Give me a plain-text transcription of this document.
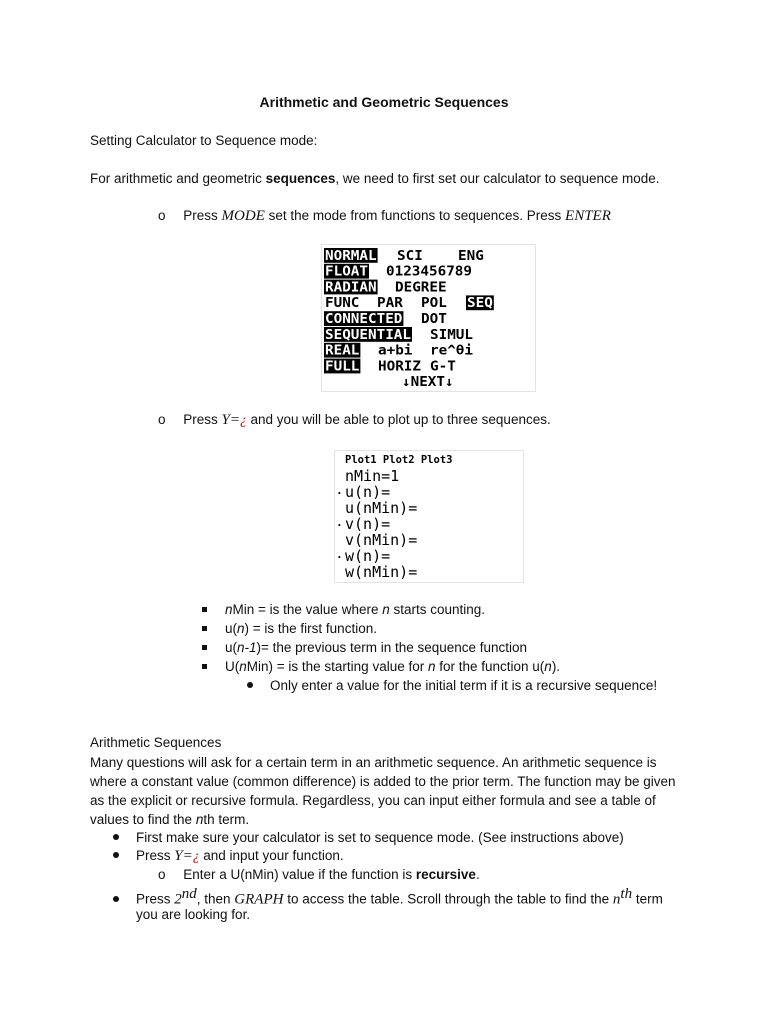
Arithmetic and Geometric Sequences
Setting Calculator to Sequence mode:
For arithmetic and geometric sequences, we need to first set our calculator to sequence mode.
o Press MODE set the mode from functions to sequences. Press ENTER
NORMAL SCI	ENG
FLOAT 0123456789
RADIAN DEGREE
FUNC PAR POL SEQ
CONNECTED DOT
SEQUENTIAL SIMUL
REAL a+bi re^θi
FULL HORIZ G-T
↓NEXT↓
o Press Y=¿ and you will be able to plot up to three sequences.
Plot1 Plot2 Plot3
nMin=1
⋅ u(n)=
u(nMin)=
⋅ v(n)=
v(nMin)=
⋅ w(n)=
w(nMin)=
nMin = is the value where n starts counting.
u(n) = is the first function.
u(n-1)= the previous term in the sequence function
U(nMin) = is the starting value for n for the function u(n).
Only enter a value for the initial term if it is a recursive sequence!
Arithmetic Sequences
Many questions will ask for a certain term in an arithmetic sequence. An arithmetic sequence is where a constant value (common difference) is added to the prior term. The function may be given as the explicit or recursive formula. Regardless, you can input either formula and see a table of values to find the nth term.
First make sure your calculator is set to sequence mode. (See instructions above)
Press Y=¿ and input your function.
o Enter a U(nMin) value if the function is recursive.
Press 2nd, then GRAPH to access the table. Scroll through the table to find the $n^{th}$ term
you are looking for.
